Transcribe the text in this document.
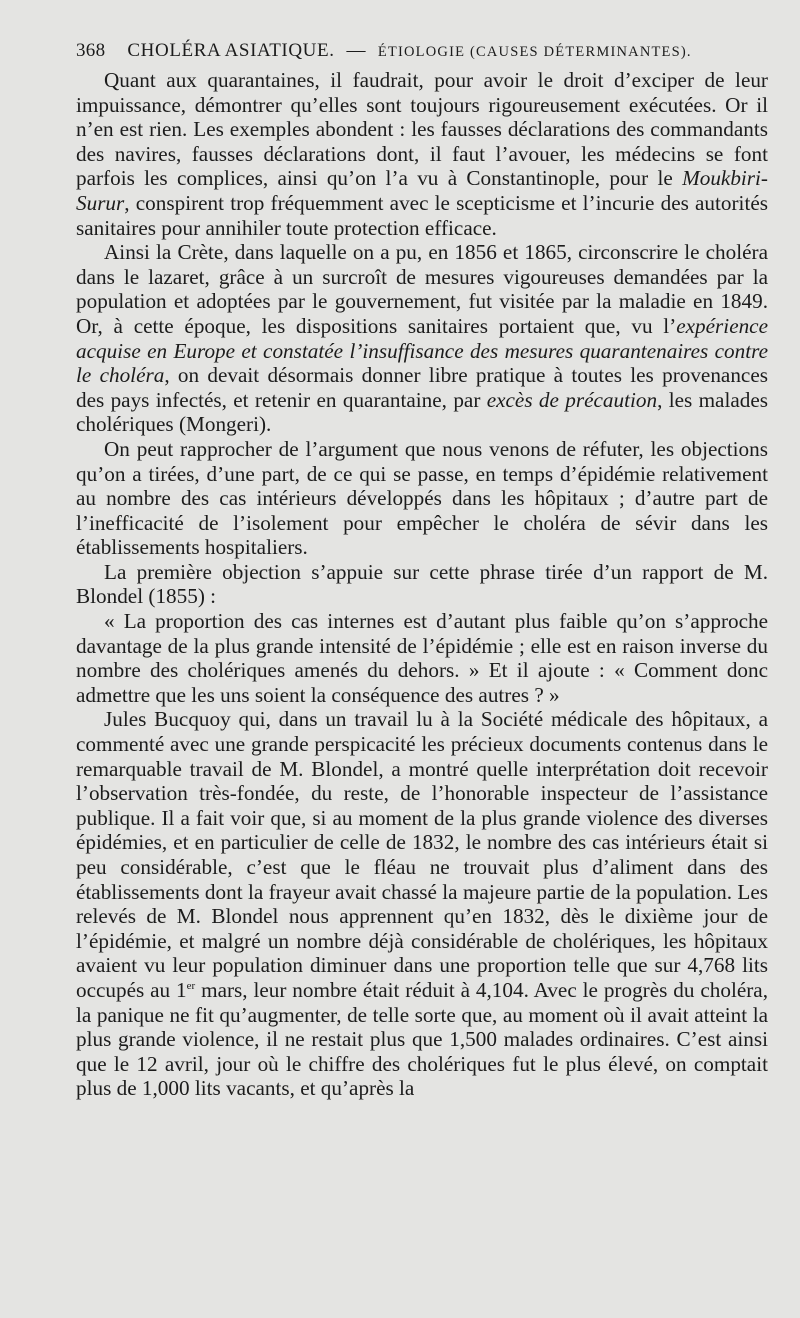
368 CHOLÉRA ASIATIQUE. — ÉTIOLOGIE (CAUSES DÉTERMINANTES).

Quant aux quarantaines, il faudrait, pour avoir le droit d’exciper de leur impuissance, démontrer qu’elles sont toujours rigoureusement exécutées. Or il n’en est rien. Les exemples abondent : les fausses déclarations des commandants des navires, fausses déclarations dont, il faut l’avouer, les médecins se font parfois les complices, ainsi qu’on l’a vu à Constantinople, pour le Moukbiri-Surur, conspirent trop fréquemment avec le scepticisme et l’incurie des autorités sanitaires pour annihiler toute protection efficace.

Ainsi la Crète, dans laquelle on a pu, en 1856 et 1865, circonscrire le choléra dans le lazaret, grâce à un surcroît de mesures vigoureuses demandées par la population et adoptées par le gouvernement, fut visitée par la maladie en 1849. Or, à cette époque, les dispositions sanitaires portaient que, vu l’expérience acquise en Europe et constatée l’insuffisance des mesures quarantenaires contre le choléra, on devait désormais donner libre pratique à toutes les provenances des pays infectés, et retenir en quarantaine, par excès de précaution, les malades cholériques (Mongeri).

On peut rapprocher de l’argument que nous venons de réfuter, les objections qu’on a tirées, d’une part, de ce qui se passe, en temps d’épidémie relativement au nombre des cas intérieurs développés dans les hôpitaux ; d’autre part de l’inefficacité de l’isolement pour empêcher le choléra de sévir dans les établissements hospitaliers.

La première objection s’appuie sur cette phrase tirée d’un rapport de M. Blondel (1855) :

« La proportion des cas internes est d’autant plus faible qu’on s’approche davantage de la plus grande intensité de l’épidémie ; elle est en raison inverse du nombre des cholériques amenés du dehors. » Et il ajoute : « Comment donc admettre que les uns soient la conséquence des autres ? »

Jules Bucquoy qui, dans un travail lu à la Société médicale des hôpitaux, a commenté avec une grande perspicacité les précieux documents contenus dans le remarquable travail de M. Blondel, a montré quelle interprétation doit recevoir l’observation très-fondée, du reste, de l’honorable inspecteur de l’assistance publique. Il a fait voir que, si au moment de la plus grande violence des diverses épidémies, et en particulier de celle de 1832, le nombre des cas intérieurs était si peu considérable, c’est que le fléau ne trouvait plus d’aliment dans des établissements dont la frayeur avait chassé la majeure partie de la population. Les relevés de M. Blondel nous apprennent qu’en 1832, dès le dixième jour de l’épidémie, et malgré un nombre déjà considérable de cholériques, les hôpitaux avaient vu leur population diminuer dans une proportion telle que sur 4,768 lits occupés au 1er mars, leur nombre était réduit à 4,104. Avec le progrès du choléra, la panique ne fit qu’augmenter, de telle sorte que, au moment où il avait atteint la plus grande violence, il ne restait plus que 1,500 malades ordinaires. C’est ainsi que le 12 avril, jour où le chiffre des cholériques fut le plus élevé, on comptait plus de 1,000 lits vacants, et qu’après la
